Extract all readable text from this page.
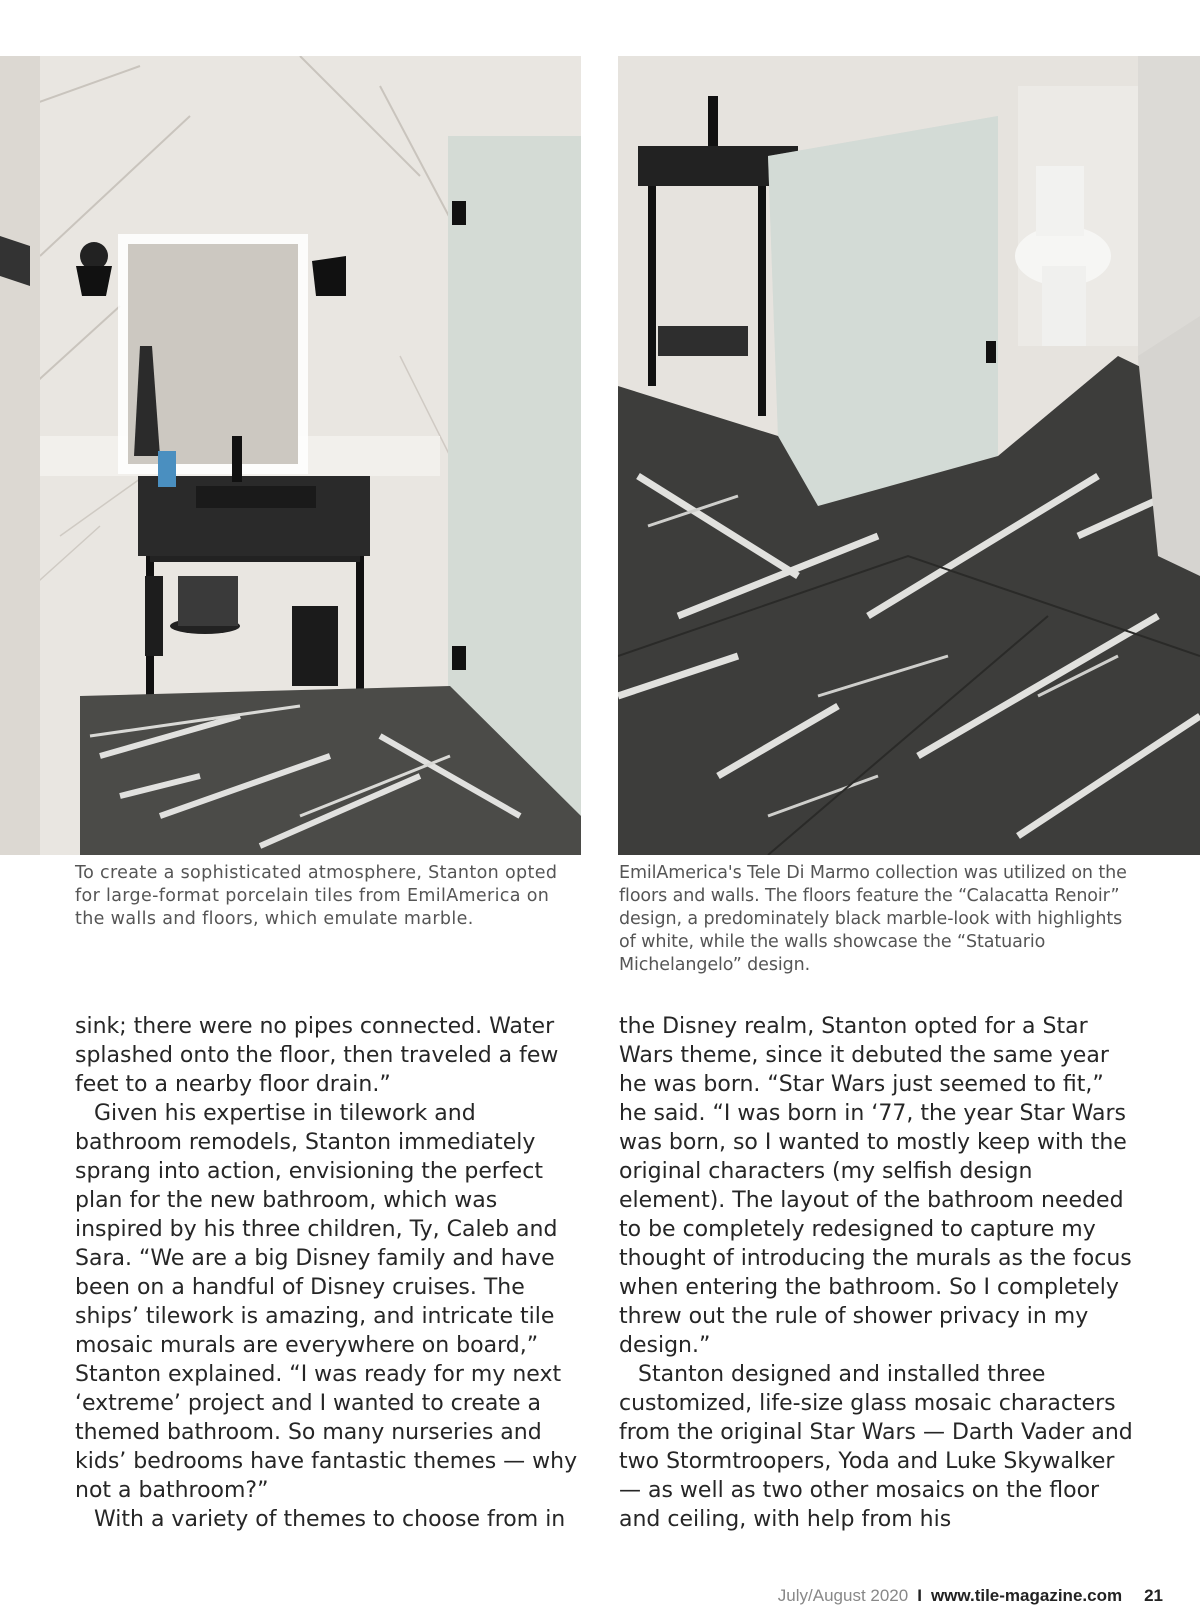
To create a sophisticated atmosphere, Stanton opted for large-format porcelain tiles from EmilAmerica on the walls and floors, which emulate marble.

EmilAmerica's Tele Di Marmo collection was utilized on the floors and walls. The floors feature the “Calacatta Renoir” design, a predominately black marble-look with highlights of white, while the walls showcase the “Statuario Michelangelo” design.

sink; there were no pipes connected. Water splashed onto the floor, then traveled a few feet to a nearby floor drain.”

Given his expertise in tilework and bathroom remodels, Stanton immediately sprang into action, envisioning the perfect plan for the new bathroom, which was inspired by his three children, Ty, Caleb and Sara. “We are a big Disney family and have been on a handful of Disney cruises. The ships’ tilework is amazing, and intricate tile mosaic murals are everywhere on board,” Stanton explained. “I was ready for my next ‘extreme’ project and I wanted to create a themed bathroom. So many nurseries and kids’ bedrooms have fantastic themes — why not a bathroom?”

With a variety of themes to choose from in

the Disney realm, Stanton opted for a Star Wars theme, since it debuted the same year he was born. “Star Wars just seemed to fit,” he said. “I was born in ‘77, the year Star Wars was born, so I wanted to mostly keep with the original characters (my selfish design element). The layout of the bathroom needed to be completely redesigned to capture my thought of introducing the murals as the focus when entering the bathroom. So I completely threw out the rule of shower privacy in my design.”

Stanton designed and installed three customized, life-size glass mosaic characters from the original Star Wars — Darth Vader and two Stormtroopers, Yoda and Luke Skywalker — as well as two other mosaics on the floor and ceiling, with help from his

July/August 2020 I www.tile-magazine.com 21
